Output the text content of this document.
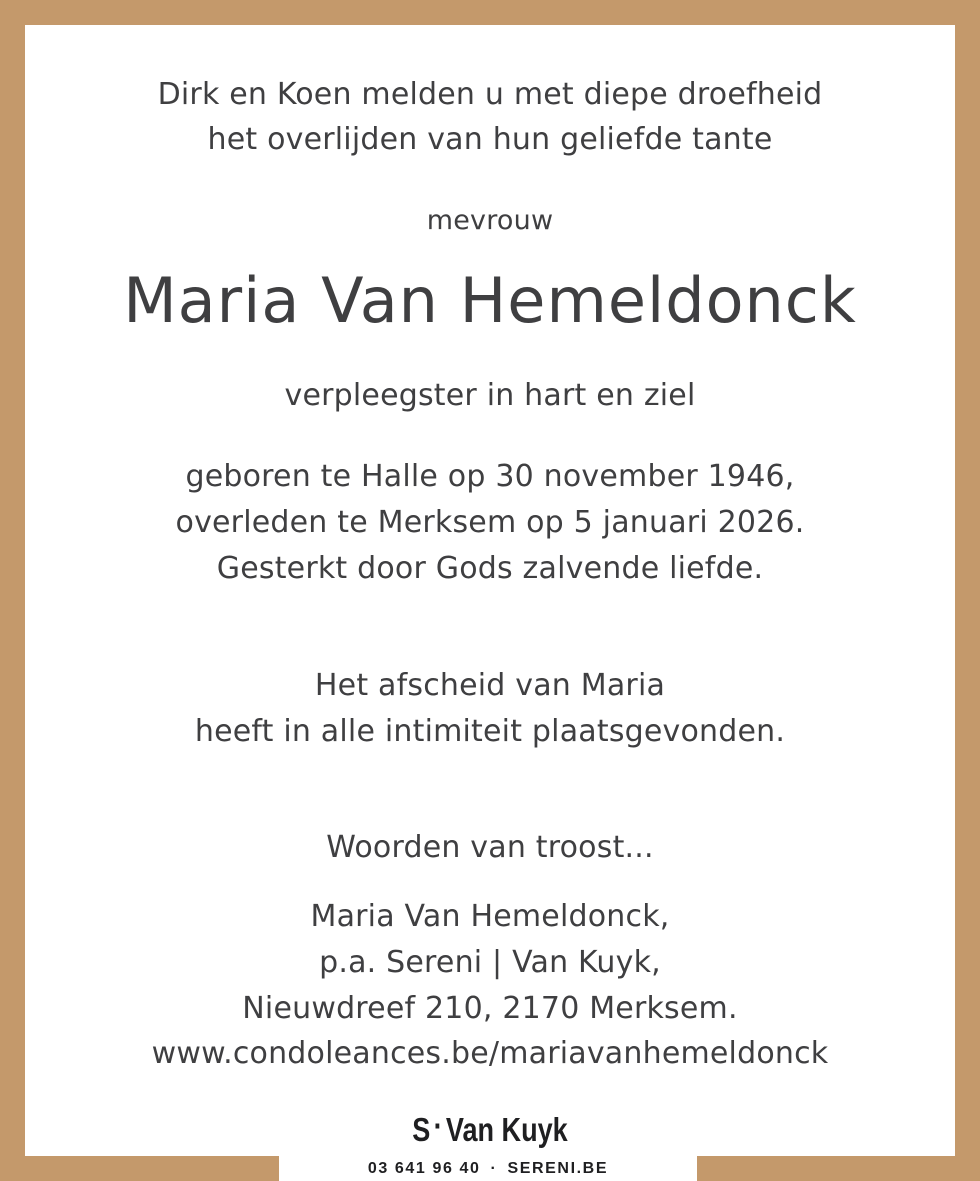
Dirk en Koen melden u met diepe droefheid
het overlijden van hun geliefde tante
mevrouw
Maria Van Hemeldonck
verpleegster in hart en ziel
geboren te Halle op 30 november 1946,
overleden te Merksem op 5 januari 2026.
Gesterkt door Gods zalvende liefde.
Het afscheid van Maria
heeft in alle intimiteit plaatsgevonden.
Woorden van troost...
Maria Van Hemeldonck,
p.a. Sereni | Van Kuyk,
Nieuwdreef 210, 2170 Merksem.
www.condoleances.be/mariavanhemeldonck
S·Van Kuyk
03 641 96 40 · SERENI.BE
